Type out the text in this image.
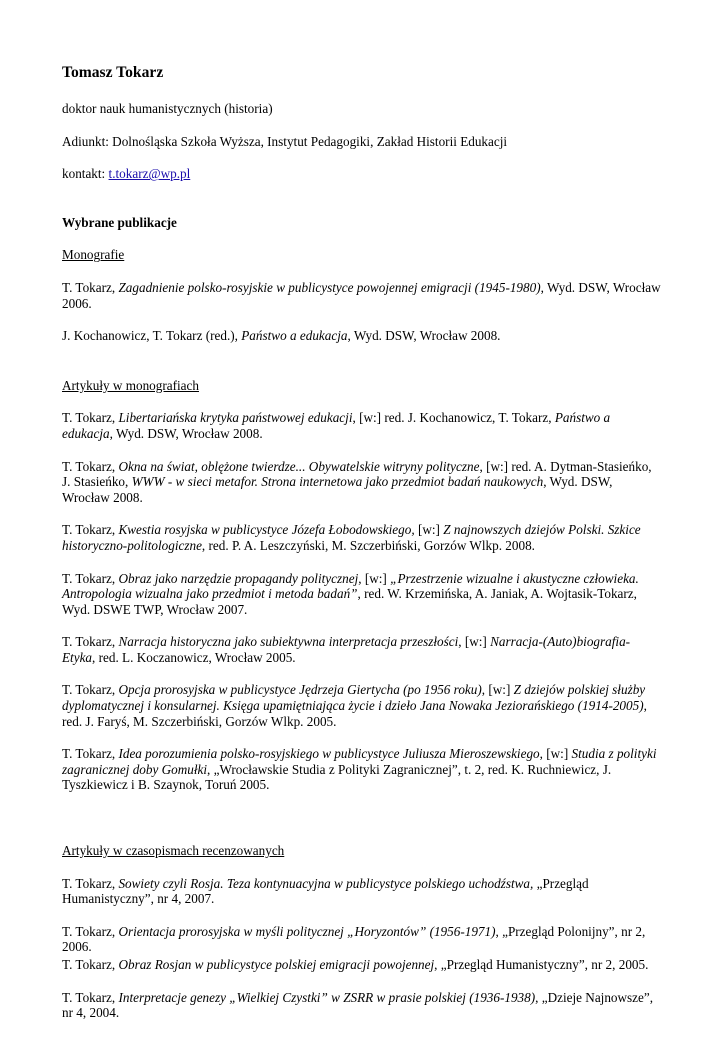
Tomasz Tokarz

doktor nauk humanistycznych (historia)

Adiunkt: Dolnośląska Szkoła Wyższa, Instytut Pedagogiki, Zakład Historii Edukacji

kontakt: t.tokarz@wp.pl

Wybrane publikacje

Monografie

T. Tokarz, Zagadnienie polsko-rosyjskie w publicystyce powojennej emigracji (1945-1980), Wyd. DSW, Wrocław 2006.

J. Kochanowicz, T. Tokarz (red.), Państwo a edukacja, Wyd. DSW, Wrocław 2008.

Artykuły w monografiach

T. Tokarz, Libertariańska krytyka państwowej edukacji, [w:] red. J. Kochanowicz, T. Tokarz, Państwo a edukacja, Wyd. DSW, Wrocław 2008.

T. Tokarz, Okna na świat, oblężone twierdze... Obywatelskie witryny polityczne, [w:] red. A. Dytman-Stasieńko, J. Stasieńko, WWW - w sieci metafor. Strona internetowa jako przedmiot badań naukowych, Wyd. DSW, Wrocław 2008.

T. Tokarz, Kwestia rosyjska w publicystyce Józefa Łobodowskiego, [w:] Z najnowszych dziejów Polski. Szkice historyczno-politologiczne, red. P. A. Leszczyński, M. Szczerbiński, Gorzów Wlkp. 2008.

T. Tokarz, Obraz jako narzędzie propagandy politycznej, [w:] „Przestrzenie wizualne i akustyczne człowieka. Antropologia wizualna jako przedmiot i metoda badań”, red. W. Krzemińska, A. Janiak, A. Wojtasik-Tokarz, Wyd. DSWE TWP, Wrocław 2007.

T. Tokarz, Narracja historyczna jako subiektywna interpretacja przeszłości, [w:] Narracja-(Auto)biografia-Etyka, red. L. Koczanowicz, Wrocław 2005.

T. Tokarz, Opcja prorosyjska w publicystyce Jędrzeja Giertycha (po 1956 roku), [w:] Z dziejów polskiej służby dyplomatycznej i konsularnej. Księga upamiętniająca życie i dzieło Jana Nowaka Jeziorańskiego (1914-2005), red. J. Faryś, M. Szczerbiński, Gorzów Wlkp. 2005.

T. Tokarz, Idea porozumienia polsko-rosyjskiego w publicystyce Juliusza Mieroszewskiego, [w:] Studia z polityki zagranicznej doby Gomułki, „Wrocławskie Studia z Polityki Zagranicznej”, t. 2, red. K. Ruchniewicz, J. Tyszkiewicz i B. Szaynok, Toruń 2005.

Artykuły w czasopismach recenzowanych

T. Tokarz, Sowiety czyli Rosja. Teza kontynuacyjna w publicystyce polskiego uchodźstwa, „Przegląd Humanistyczny”, nr 4, 2007.

T. Tokarz, Orientacja prorosyjska w myśli politycznej „Horyzontów” (1956-1971), „Przegląd Polonijny”, nr 2, 2006.

T. Tokarz, Obraz Rosjan w publicystyce polskiej emigracji powojennej, „Przegląd Humanistyczny”, nr 2, 2005.

T. Tokarz, Interpretacje genezy „Wielkiej Czystki” w ZSRR w prasie polskiej (1936-1938), „Dzieje Najnowsze”, nr 4, 2004.
